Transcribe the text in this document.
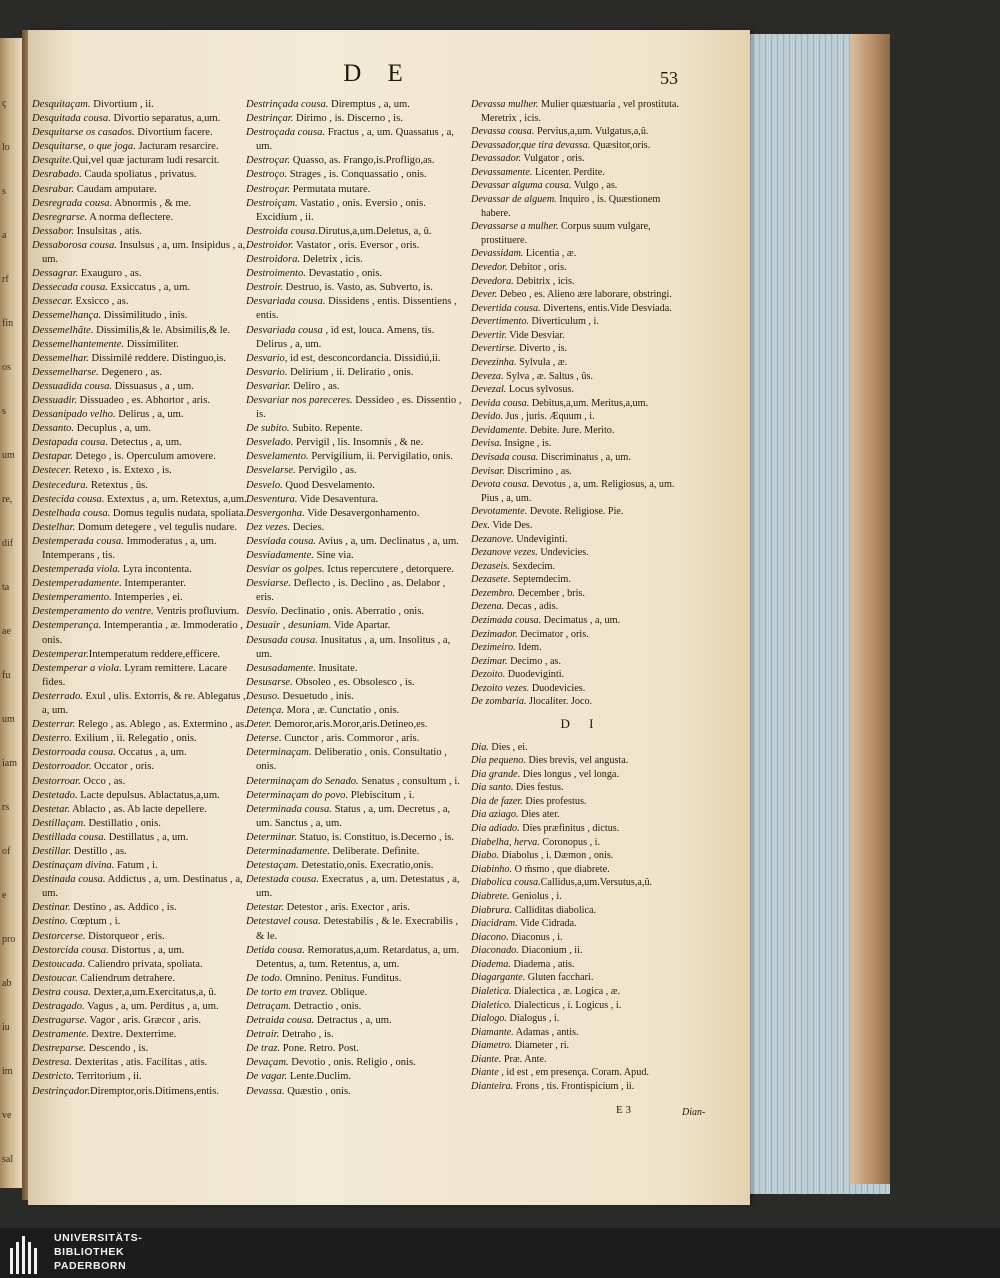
ç
lo
s
a
rf
fin
os
s
um
re,
dif
ta
ae
fu
um
iam
rs
of
e
pro
ab
iu
im
ve
sal
D E	53

Desquitaçam. Divortium , ii.

Desquitada cousa. Divortio separatus, a,um.

Desquitarse os casados. Divortium facere.

Desquitarse, o que joga. Jacturam resarcire.

Desquite.Qui,vel quæ jacturam ludi resarcit.

Desrabado. Cauda spoliatus , privatus.

Desrabar. Caudam amputare.

Desregrada cousa. Abnormis , & me.

Desregrarse. A norma deflectere.

Dessabor. Insulsitas , atis.

Dessaborosa cousa. Insulsus , a, um. Insipidus , a, um.

Dessagrar. Exauguro , as.

Dessecada cousa. Exsiccatus , a, um.

Dessecar. Exsicco , as.

Dessemelhança. Dissimilitudo , inis.

Dessemelhãte. Dissimilis,& le. Absimilis,& le.

Dessemelhantemente. Dissimiliter.

Dessemelhar. Dissimilé reddere. Distinguo,is.

Dessemelharse. Degenero , as.

Dessuadida cousa. Dissuasus , a , um.

Dessuadir. Dissuadeo , es. Abhortor , aris.

Dessanipado velho. Delirus , a, um.

Dessanto. Decuplus , a, um.

Destapada cousa. Detectus , a, um.

Destapar. Detego , is. Operculum amovere.

Destecer. Retexo , is. Extexo , is.

Destecedura. Retextus , ûs.

Destecida cousa. Extextus , a, um. Retextus, a,um.

Destelhada cousa. Domus tegulis nudata, spoliata.

Destelhar. Domum detegere , vel tegulis nudare.

Destemperada cousa. Immoderatus , a, um. Intemperans , tis.

Destemperada viola. Lyra incontenta.

Destemperadamente. Intemperanter.

Destemperamento. Intemperies , ei.

Destemperamento do ventre. Ventris profluvium.

Destemperança. Intemperantia , æ. Immoderatio , onis.

Destemperar.Intemperatum reddere,efficere.

Destemperar a viola. Lyram remittere. Lacare fides.

Desterrado. Exul , ulis. Extorris, & re. Ablegatus , a, um.

Desterrar. Relego , as. Ablego , as. Extermino , as.

Desterro. Exilium , ii. Relegatio , onis.

Destorroada cousa. Occatus , a, um.

Destorroador. Occator , oris.

Destorroar. Occo , as.

Destetado. Lacte depulsus. Ablactatus,a,um.

Destetar. Ablacto , as. Ab lacte depellere.

Destillaçam. Destillatio , onis.

Destillada cousa. Destillatus , a, um.

Destillar. Destillo , as.

Destinaçam divina. Fatum , i.

Destinada cousa. Addictus , a, um. Destinatus , a, um.

Destinar. Destino , as. Addico , is.

Destino. Cœptum , i.

Destorcerse. Distorqueor , eris.

Destorcida cousa. Distortus , a, um.

Destoucada. Caliendro privata, spoliata.

Destoucar. Caliendrum detrahere.

Destra cousa. Dexter,a,um.Exercitatus,a, û.

Destragado. Vagus , a, um. Perditus , a, um.

Destragarse. Vagor , aris. Græcor , aris.

Destramente. Dextre. Dexterrime.

Destreparse. Descendo , is.

Destresa. Dexteritas , atis. Facilitas , atis.

Destricto. Territorium , ii.

Destrinçador.Diremptor,oris.Ditimens,entis.

Destrinçada cousa. Diremptus , a, um.

Destrinçar. Dirimo , is. Discerno , is.

Destroçada cousa. Fractus , a, um. Quassatus , a, um.

Destroçar. Quasso, as. Frango,is.Profligo,as.

Destroço. Strages , is. Conquassatio , onis.

Destroçar. Permutata mutare.

Destroiçam. Vastatio , onis. Eversio , onis. Excidium , ii.

Destroida cousa.Dirutus,a,um.Deletus, a, û.

Destroidor. Vastator , oris. Eversor , oris.

Destroidora. Deletrix , icis.

Destroimento. Devastatio , onis.

Destroir. Destruo, is. Vasto, as. Subverto, is.

Desvariada cousa. Dissidens , entis. Dissentiens , entis.

Desvariada cousa , id est, louca. Amens, tis. Delirus , a, um.

Desvario, id est, desconcordancia. Dissidiú,ii.

Desvario. Delirium , ii. Deliratio , onis.

Desvariar. Deliro , as.

Desvariar nos pareceres. Dessideo , es. Dissentio , is.

De subito. Subito. Repente.

Desvelado. Pervigil , lis. Insomnis , & ne.

Desvelamento. Pervigilium, ii. Pervigilatio, onis.

Desvelarse. Pervigilo , as.

Desvelo. Quod Desvelamento.

Desventura. Vide Desaventura.

Desvergonha. Vide Desavergonhamento.

Dez vezes. Decies.

Desviada cousa. Avius , a, um. Declinatus , a, um.

Desviadamente. Sine via.

Desviar os golpes. Ictus repercutere , detorquere.

Desviarse. Deflecto , is. Declino , as. Delabor , eris.

Desvio. Declinatio , onis. Aberratio , onis.

Desuair , desuniam. Vide Apartar.

Desusada cousa. Inusitatus , a, um. Insolitus , a, um.

Desusadamente. Inusitate.

Desusarse. Obsoleo , es. Obsolesco , is.

Desuso. Desuetudo , inis.

Detença. Mora , æ. Cunctatio , onis.

Deter. Demoror,aris.Moror,aris.Detineo,es.

Deterse. Cunctor , aris. Commoror , aris.

Determinaçam. Deliberatio , onis. Consultatio , onis.

Determinaçam do Senado. Senatus , consultum , i.

Determinaçam do povo. Plebiscitum , i.

Determinada cousa. Status , a, um. Decretus , a, um. Sanctus , a, um.

Determinar. Statuo, is. Constituo, is.Decerno , is.

Determinadamente. Deliberate. Definite.

Detestaçam. Detestatio,onis. Execratio,onis.

Detestada cousa. Execratus , a, um. Detestatus , a, um.

Detestar. Detestor , aris. Exector , aris.

Detestavel cousa. Detestabilis , & le. Execrabilis , & le.

Detida cousa. Remoratus,a,um. Retardatus, a, um. Detentus, a, tum. Retentus, a, um.

De todo. Omnino. Penitus. Funditus.

De torto em travez. Oblique.

Detraçam. Detractio , onis.

Detraida cousa. Detractus , a, um.

Detrair. Detraho , is.

De traz. Pone. Retro. Post.

Devaçam. Devotio , onis. Religio , onis.

De vagar. Lente.Duclim.

Devassa. Quæstio , onis.

Devassa mulher. Mulier quæstuaria , vel prostituta. Meretrix , icis.

Devassa cousa. Pervius,a,um. Vulgatus,a,û.

Devassador,que tira devassa. Quæsitor,oris.

Devassador. Vulgator , oris.

Devassamente. Licenter. Perdite.

Devassar alguma cousa. Vulgo , as.

Devassar de alguem. Inquiro , is. Quæstionem habere.

Devassarse a mulher. Corpus suum vulgare, prostituere.

Devassidam. Licentia , æ.

Devedor. Debitor , oris.

Devedora. Debitrix , icis.

Dever. Debeo , es. Alieno ære laborare, obstringi.

Devertida cousa. Divertens, entis.Vide Desviada.

Devertimento. Diverticulum , i.

Devertir. Vide Desviar.

Devertirse. Diverto , is.

Devezinha. Sylvula , æ.

Deveza. Sylva , æ. Saltus , ûs.

Devezal. Locus sylvosus.

Devida cousa. Debitus,a,um. Meritus,a,um.

Devido. Jus , juris. Æquum , i.

Devidamente. Debite. Jure. Merito.

Devisa. Insigne , is.

Devisada cousa. Discriminatus , a, um.

Devisar. Discrimino , as.

Devota cousa. Devotus , a, um. Religiosus, a, um. Pius , a, um.

Devotamente. Devote. Religiose. Pie.

Dex. Vide Des.

Dezanove. Undeviginti.

Dezanove vezes. Undevicies.

Dezaseis. Sexdecim.

Dezasete. Septemdecim.

Dezembro. December , bris.

Dezena. Decas , adis.

Dezimada cousa. Decimatus , a, um.

Dezimador. Decimator , oris.

Dezimeiro. Idem.

Dezimar. Decimo , as.

Dezoito. Duodeviginti.

Dezoito vezes. Duodevicies.

De zombaria. Jlocaliter. Joco.

D I

Dia. Dies , ei.

Dia pequeno. Dies brevis, vel angusta.

Dia grande. Dies longus , vel longa.

Dia santo. Dies festus.

Dia de fazer. Dies profestus.

Dia aziago. Dies ater.

Dia adiado. Dies præfinitus , dictus.

Diabelha, herva. Coronopus , i.

Diabo. Diabolus , i. Dæmon , onis.

Diabinho. O m̃smo , que diabrete.

Diabolica cousa.Callidus,a,um.Versutus,a,û.

Diabrete. Geniolus , i.

Diabrura. Calliditas diabolica.

Diacidram. Vide Cidrada.

Diacono. Diaconus , i.

Diaconado. Diaconium , ii.

Diadema. Diadema , atis.

Diagargante. Gluten facchari.

Dialetica. Dialectica , æ. Logica , æ.

Dialetico. Dialecticus , i. Logicus , i.

Dialogo. Dialogus , i.

Diamante. Adamas , antis.

Diametro. Diameter , ri.

Diante. Præ. Ante.

Diante , id est , em presença. Coram. Apud.

Dianteira. Frons , tis. Frontispicium , ii.

E 3	Dian-
UNIVERSITÄTS-
BIBLIOTHEK
PADERBORN
